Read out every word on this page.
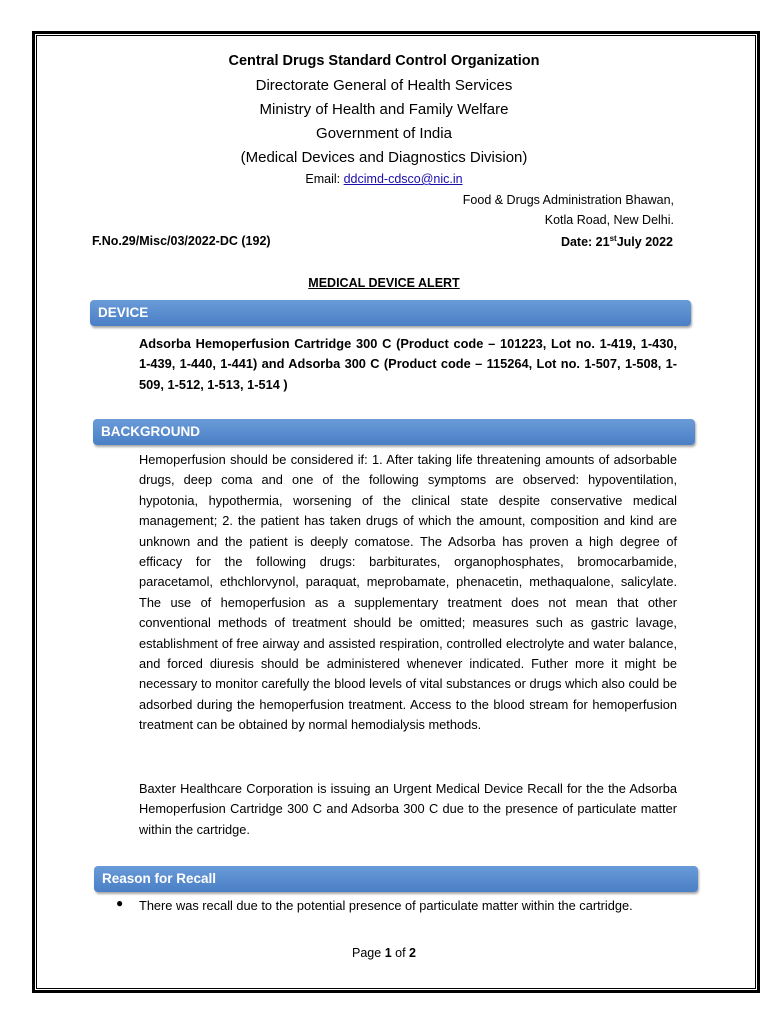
Central Drugs Standard Control Organization
Directorate General of Health Services
Ministry of Health and Family Welfare
Government of India
(Medical Devices and Diagnostics Division)
Email: ddcimd-cdsco@nic.in
Food & Drugs Administration Bhawan,
Kotla Road, New Delhi.
F.No.29/Misc/03/2022-DC (192)	Date: 21stJuly 2022
MEDICAL DEVICE ALERT
DEVICE
Adsorba Hemoperfusion Cartridge 300 C (Product code – 101223, Lot no. 1-419, 1-430, 1-439, 1-440, 1-441) and Adsorba 300 C (Product code – 115264, Lot no. 1-507, 1-508, 1-509, 1-512, 1-513, 1-514 )
BACKGROUND
Hemoperfusion should be considered if: 1. After taking life threatening amounts of adsorbable drugs, deep coma and one of the following symptoms are observed: hypoventilation, hypotonia, hypothermia, worsening of the clinical state despite conservative medical management; 2. the patient has taken drugs of which the amount, composition and kind are unknown and the patient is deeply comatose. The Adsorba has proven a high degree of efficacy for the following drugs: barbiturates, organophosphates, bromocarbamide, paracetamol, ethchlorvynol, paraquat, meprobamate, phenacetin, methaqualone, salicylate. The use of hemoperfusion as a supplementary treatment does not mean that other conventional methods of treatment should be omitted; measures such as gastric lavage, establishment of free airway and assisted respiration, controlled electrolyte and water balance, and forced diuresis should be administered whenever indicated. Futher more it might be necessary to monitor carefully the blood levels of vital substances or drugs which also could be adsorbed during the hemoperfusion treatment. Access to the blood stream for hemoperfusion treatment can be obtained by normal hemodialysis methods.
Baxter Healthcare Corporation is issuing an Urgent Medical Device Recall for the the Adsorba Hemoperfusion Cartridge 300 C and Adsorba 300 C due to the presence of particulate matter within the cartridge.
Reason for Recall
● There was recall due to the potential presence of particulate matter within the cartridge.
Page 1 of 2
